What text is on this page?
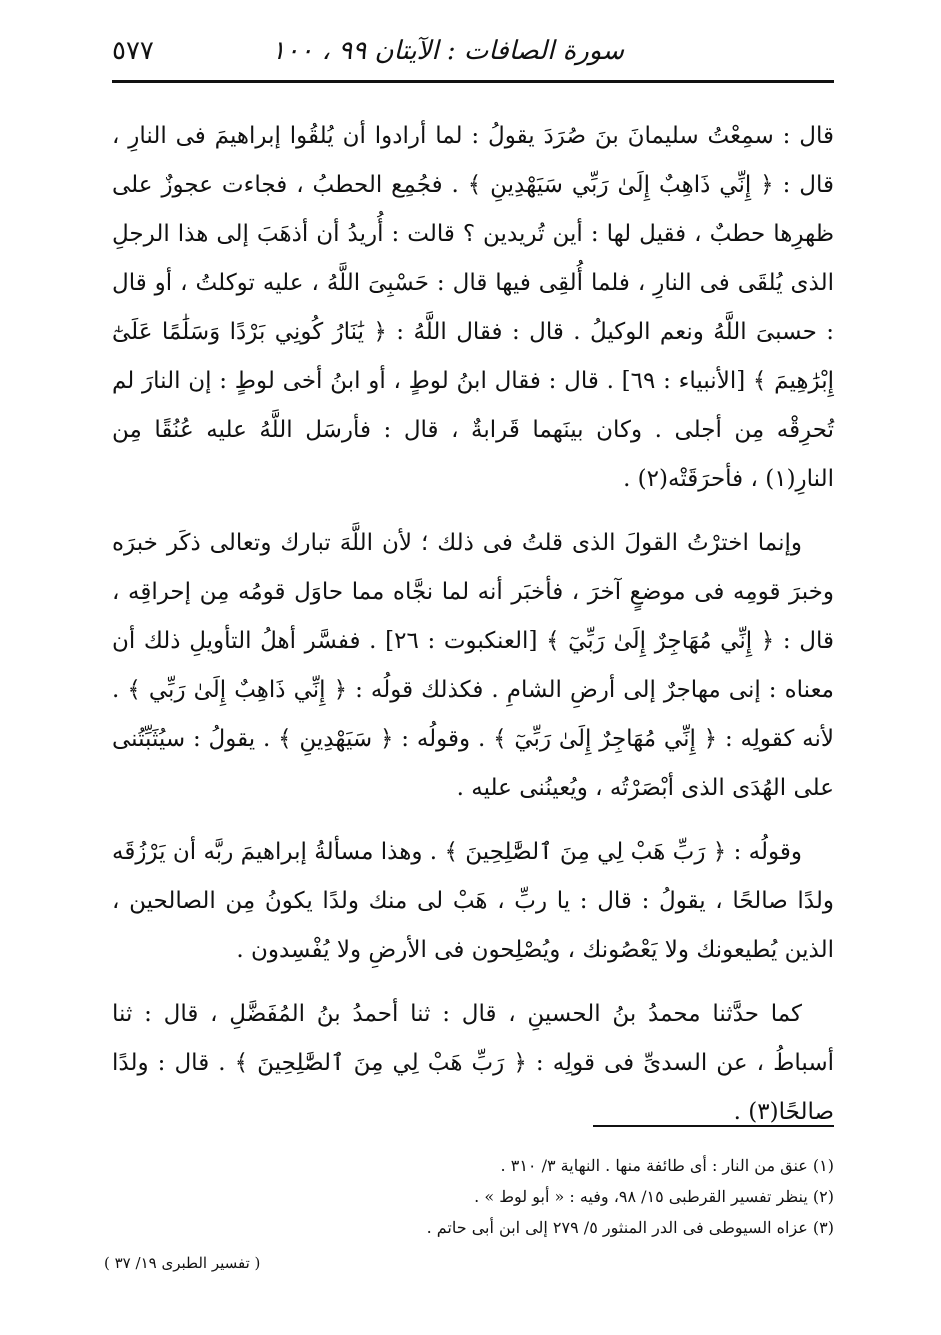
سورة الصافات : الآيتان ٩٩ ، ١٠٠
٥٧٧

قال : سمِعْتُ سليمانَ بنَ صُرَدَ يقولُ : لما أرادوا أن يُلقُوا إبراهيمَ فى النارِ ، قال : ﴿ إِنِّي ذَاهِبٌ إِلَىٰ رَبِّي سَيَهْدِينِ ﴾ . فجُمِع الحطبُ ، فجاءت عجوزٌ على ظهرِها حطبٌ ، فقيل لها : أين تُريدين ؟ قالت : أُريدُ أن أذهَبَ إلى هذا الرجلِ الذى يُلقَى فى النارِ ، فلما أُلقِى فيها قال : حَسْبِىَ اللَّهُ ، عليه توكلتُ ، أو قال : حسبىَ اللَّهُ ونعم الوكيلُ . قال : فقال اللَّهُ : ﴿ يَٰنَارُ كُونِي بَرْدًا وَسَلَٰمًا عَلَىٰٓ إِبْرَٰهِيمَ ﴾ [الأنبياء : ٦٩] . قال : فقال ابنُ لوطٍ ، أو ابنُ أخى لوطٍ : إن النارَ لم تُحرِقْه مِن أجلى . وكان بينَهما قَرابةٌ ، قال : فأرسَل اللَّهُ عليه عُنُقًا مِن النارِ(١) ، فأحرَقَتْه(٢) .

وإنما اخترْتُ القولَ الذى قلتُ فى ذلك ؛ لأن اللَّهَ تبارك وتعالى ذكَر خبرَه وخبرَ قومِه فى موضعٍ آخرَ ، فأخبَر أنه لما نجَّاه مما حاوَل قومُه مِن إحراقِه ، قال : ﴿ إِنِّي مُهَاجِرٌ إِلَىٰ رَبِّيٓ ﴾ [العنكبوت : ٢٦] . ففسَّر أهلُ التأويلِ ذلك أن معناه : إنى مهاجرٌ إلى أرضِ الشامِ . فكذلك قولُه : ﴿ إِنِّي ذَاهِبٌ إِلَىٰ رَبِّي ﴾ . لأنه كقولِه : ﴿ إِنِّي مُهَاجِرٌ إِلَىٰ رَبِّيٓ ﴾ . وقولُه : ﴿ سَيَهْدِينِ ﴾ . يقولُ : سيُثَبِّتُنى على الهُدَى الذى أبْصَرْتُه ، ويُعينُنى عليه .

وقولُه : ﴿ رَبِّ هَبْ لِي مِنَ ٱلصَّٰلِحِينَ ﴾ . وهذا مسألةُ إبراهيمَ ربَّه أن يَرْزُقَه ولدًا صالحًا ، يقولُ : قال : يا ربِّ ، هَبْ لى منك ولدًا يكونُ مِن الصالحين ، الذين يُطيعونك ولا يَعْصُونك ، ويُصْلِحون فى الأرضِ ولا يُفْسِدون .

كما حدَّثنا محمدُ بنُ الحسينِ ، قال : ثنا أحمدُ بنُ المُفَضَّلِ ، قال : ثنا أسباطُ ، عن السدىِّ فى قولِه : ﴿ رَبِّ هَبْ لِي مِنَ ٱلصَّٰلِحِينَ ﴾ . قال : ولدًا صالحًا(٣) .

(١) عنق من النار : أى طائفة منها . النهاية ٣/ ٣١٠ .
(٢) ينظر تفسير القرطبى ١٥/ ٩٨، وفيه : « أبو لوط » .
(٣) عزاه السيوطى فى الدر المنثور ٥/ ٢٧٩ إلى ابن أبى حاتم .
( تفسير الطبرى ١٩/ ٣٧ )
